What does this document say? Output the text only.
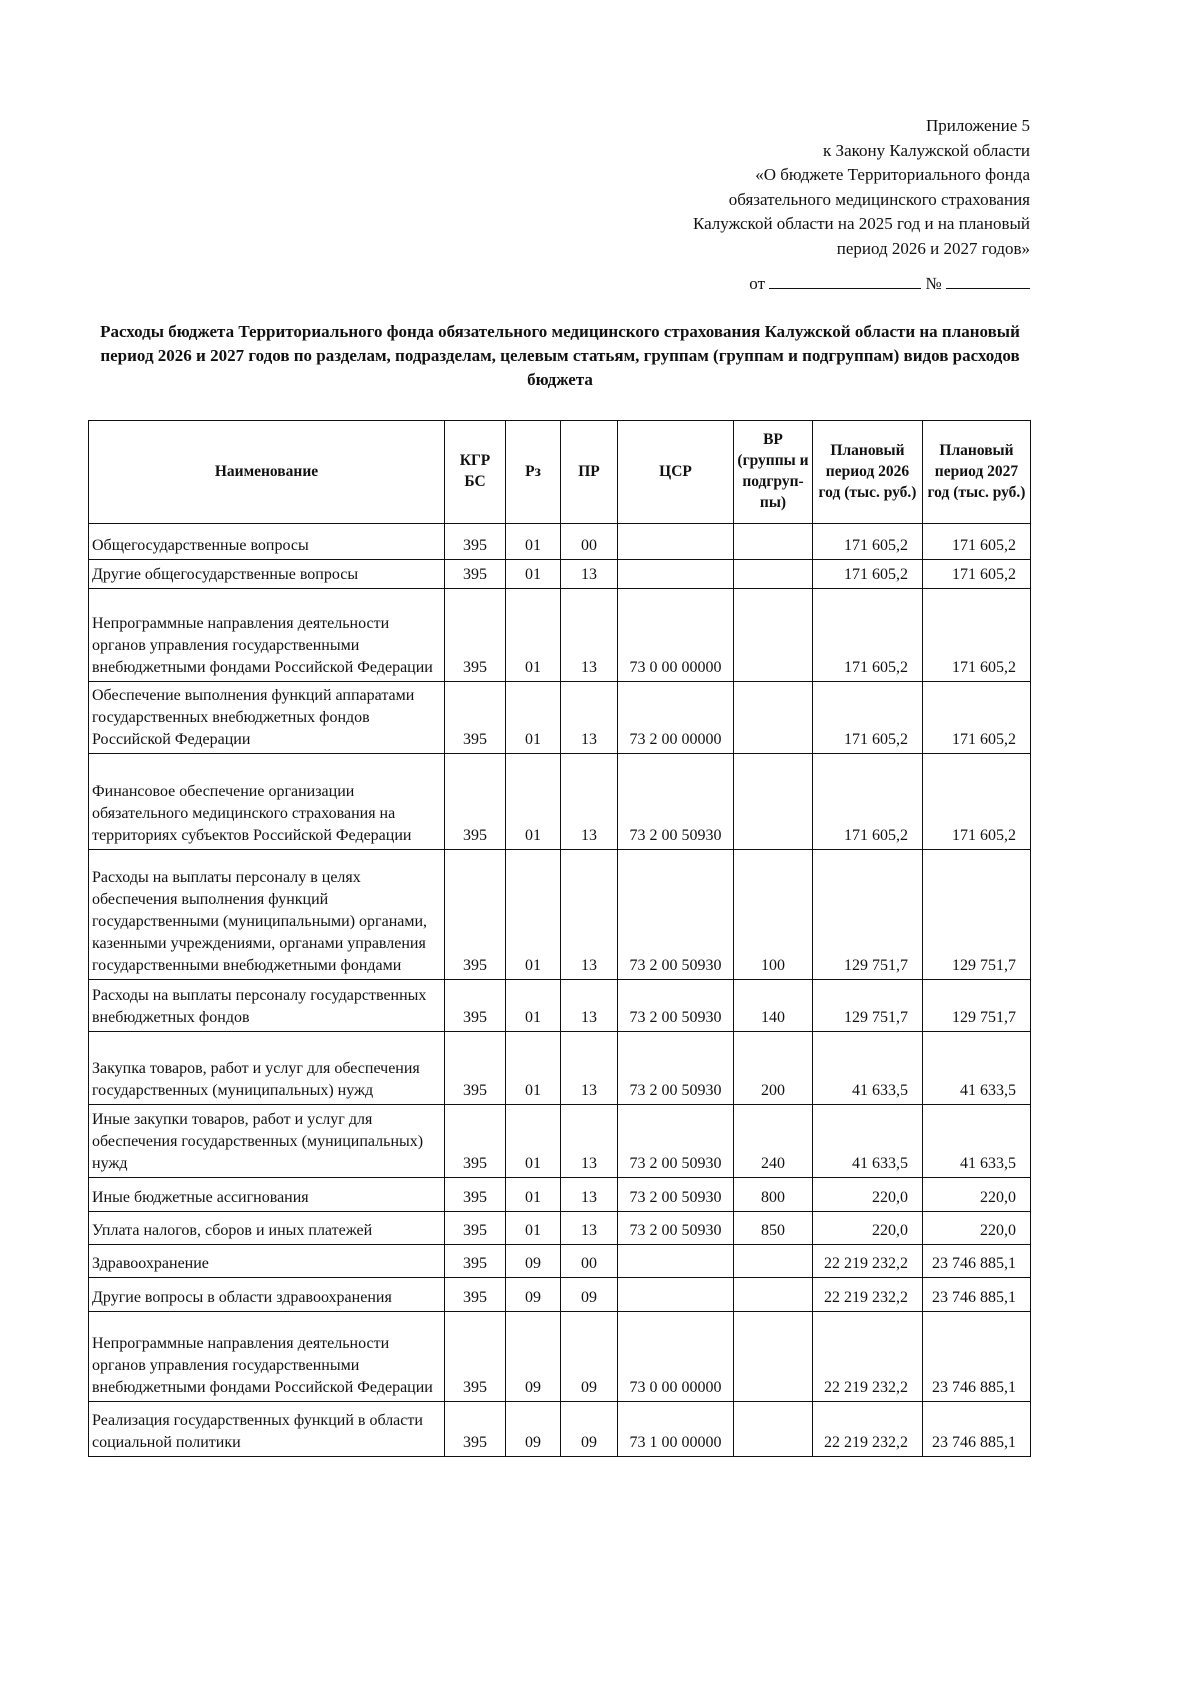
Приложение 5
к Закону Калужской области
«О бюджете Территориального фонда
обязательного медицинского страхования
Калужской области на 2025 год и на плановый
период 2026 и 2027 годов»
от	№
Расходы бюджета Территориального фонда обязательного медицинского страхования Калужской области на плановый период 2026 и 2027 годов по разделам, подразделам, целевым статьям, группам (группам и подгруппам) видов расходов бюджета
Наименование	КГР БС	Рз	ПР	ЦСР	ВР (группы и подгруп-пы)	Плановый период 2026 год (тыс. руб.)	Плановый период 2027 год (тыс. руб.)
Общегосударственные вопросы	395	01	00			171 605,2	171 605,2
Другие общегосударственные вопросы	395	01	13			171 605,2	171 605,2
Непрограммные направления деятельности органов управления государственными внебюджетными фондами Российской Федерации	395	01	13	73 0 00 00000		171 605,2	171 605,2
Обеспечение выполнения функций аппаратами государственных внебюджетных фондов Российской Федерации	395	01	13	73 2 00 00000		171 605,2	171 605,2
Финансовое обеспечение организации обязательного медицинского страхования на территориях субъектов Российской Федерации	395	01	13	73 2 00 50930		171 605,2	171 605,2
Расходы на выплаты персоналу в целях обеспечения выполнения функций государственными (муниципальными) органами, казенными учреждениями, органами управления государственными внебюджетными фондами	395	01	13	73 2 00 50930	100	129 751,7	129 751,7
Расходы на выплаты персоналу государственных внебюджетных фондов	395	01	13	73 2 00 50930	140	129 751,7	129 751,7
Закупка товаров, работ и услуг для обеспечения государственных (муниципальных) нужд	395	01	13	73 2 00 50930	200	41 633,5	41 633,5
Иные закупки товаров, работ и услуг для обеспечения государственных (муниципальных) нужд	395	01	13	73 2 00 50930	240	41 633,5	41 633,5
Иные бюджетные ассигнования	395	01	13	73 2 00 50930	800	220,0	220,0
Уплата налогов, сборов и иных платежей	395	01	13	73 2 00 50930	850	220,0	220,0
Здравоохранение	395	09	00			22 219 232,2	23 746 885,1
Другие вопросы в области здравоохранения	395	09	09			22 219 232,2	23 746 885,1
Непрограммные направления деятельности органов управления государственными внебюджетными фондами Российской Федерации	395	09	09	73 0 00 00000		22 219 232,2	23 746 885,1
Реализация государственных функций в области социальной политики	395	09	09	73 1 00 00000		22 219 232,2	23 746 885,1
